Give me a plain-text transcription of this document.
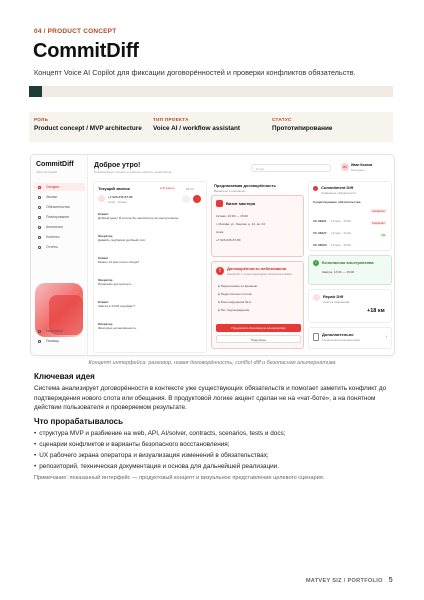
04 / PRODUCT CONCEPT
CommitDiff
Концепт Voice AI Copilot для фиксации договорённостей и проверки конфликтов обязательств.
РОЛЬ
Product concept / MVP architecture
ТИП ПРОЕКТА
Voice AI / workflow assistant
СТАТУС
Прототипирование
CommitDiff
Voice AI Copilot
Сегодня
Звонки
Обязательства
Планирование
Аналитика
Клиенты
Отчёты
Настройки
Помощь
Доброе утро!
AI анализирует звонки и помогает избегать конфликтов
Поиск	ИК	Иван Козлов
Менеджер
Текущий звонок	● В эфире	03:24
+7 926 345-67-80
Алия · Клиент
Клиент
Добрый день! Я хотела бы записаться на консультацию.
Оператор
Давайте подберём удобный слот.
Клиент
Можно 12 мая после обеда?
Оператор
Проверяю доступность…
Клиент
Завтра в 14:00 подойдёт?
Оператор
Фиксирую договорённость.
Предлагаемая договорённость
Выявлено в разговоре
Визит мастера
12 мая, 13:00 — 15:00
г. Москва, ул. Ленина, д. 12, кв. 34
Алия
+7 926 345-67-80
!	Договорённость небезопасна
Конфликт с существующими обязательствами
● Пересечение по времени
● Недостаточно слотов
● Риск нарушения SLA
● Нет подтверждения
Предложить безопасную альтернативу
Подробнее
Commitment Diff
Сравнение обязательств
Существующие обязательства
#С-08421 12 мая · 13:00
Конфликт
#С-08427 12 мая · 14:30
Конфликт
#С-08433 12 мая · 15:00
Ок
✓	Безопасная альтернатива
Завтра, 13:00 — 15:00
Repair Diff
Анализ изменений
+18 км
Дополнительно
Техническая документация	›
Концепт интерфейса: разговор, новая договорённость, conflict diff и безопасная альтернатива
Ключевая идея
Система анализирует договорённости в контексте уже существующих обязательств и помогает заметить конфликт до подтверждения нового слота или обещания. В продуктовой логике акцент сделан не на «чат-боте», а на понятном действии пользователя и проверяемом результате.
Что прорабатывалось
• структура MVP и разбиение на web, API, AI/solver, contracts, scenarios, tests и docs;
• сценарии конфликтов и варианты безопасного восстановления;
• UX рабочего экрана оператора и визуализация изменений в обязательствах;
• репозиторий, техническая документация и основа для дальнейшей реализации.
Примечание: показанный интерфейс — продуктовый концепт и визуальное представление целевого сценария.
MATVEY SIZ / PORTFOLIO 5
